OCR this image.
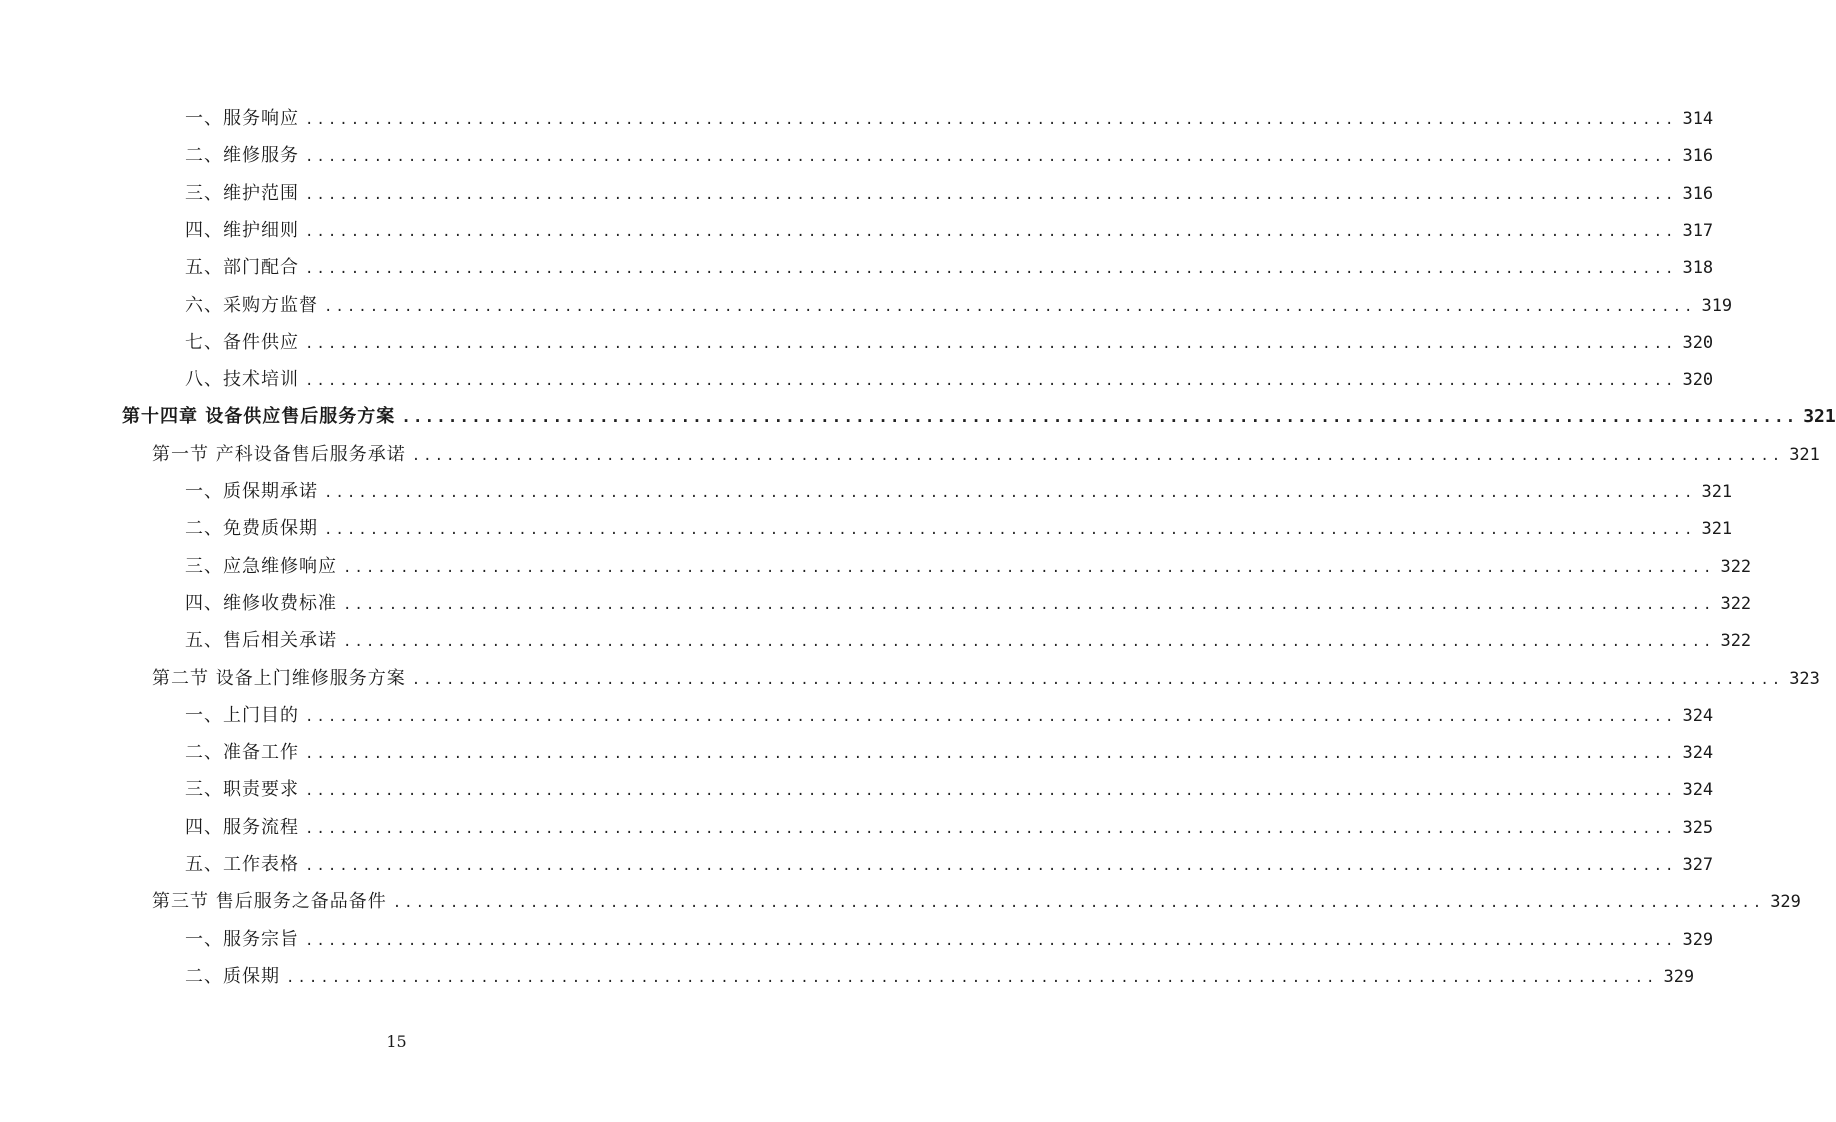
一、服务响应 ........................................................................................................................ 314
二、维修服务 ........................................................................................................................ 316
三、维护范围 ........................................................................................................................ 316
四、维护细则 ........................................................................................................................ 317
五、部门配合 ........................................................................................................................ 318
六、采购方监督 ........................................................................................................................ 319
七、备件供应 ........................................................................................................................ 320
八、技术培训 ........................................................................................................................ 320
第十四章 设备供应售后服务方案 ........................................................................................................................ 321
第一节 产科设备售后服务承诺 ........................................................................................................................ 321
一、质保期承诺 ........................................................................................................................ 321
二、免费质保期 ........................................................................................................................ 321
三、应急维修响应 ........................................................................................................................ 322
四、维修收费标准 ........................................................................................................................ 322
五、售后相关承诺 ........................................................................................................................ 322
第二节 设备上门维修服务方案 ........................................................................................................................ 323
一、上门目的 ........................................................................................................................ 324
二、准备工作 ........................................................................................................................ 324
三、职责要求 ........................................................................................................................ 324
四、服务流程 ........................................................................................................................ 325
五、工作表格 ........................................................................................................................ 327
第三节 售后服务之备品备件 ........................................................................................................................ 329
一、服务宗旨 ........................................................................................................................ 329
二、质保期 ........................................................................................................................ 329
15
